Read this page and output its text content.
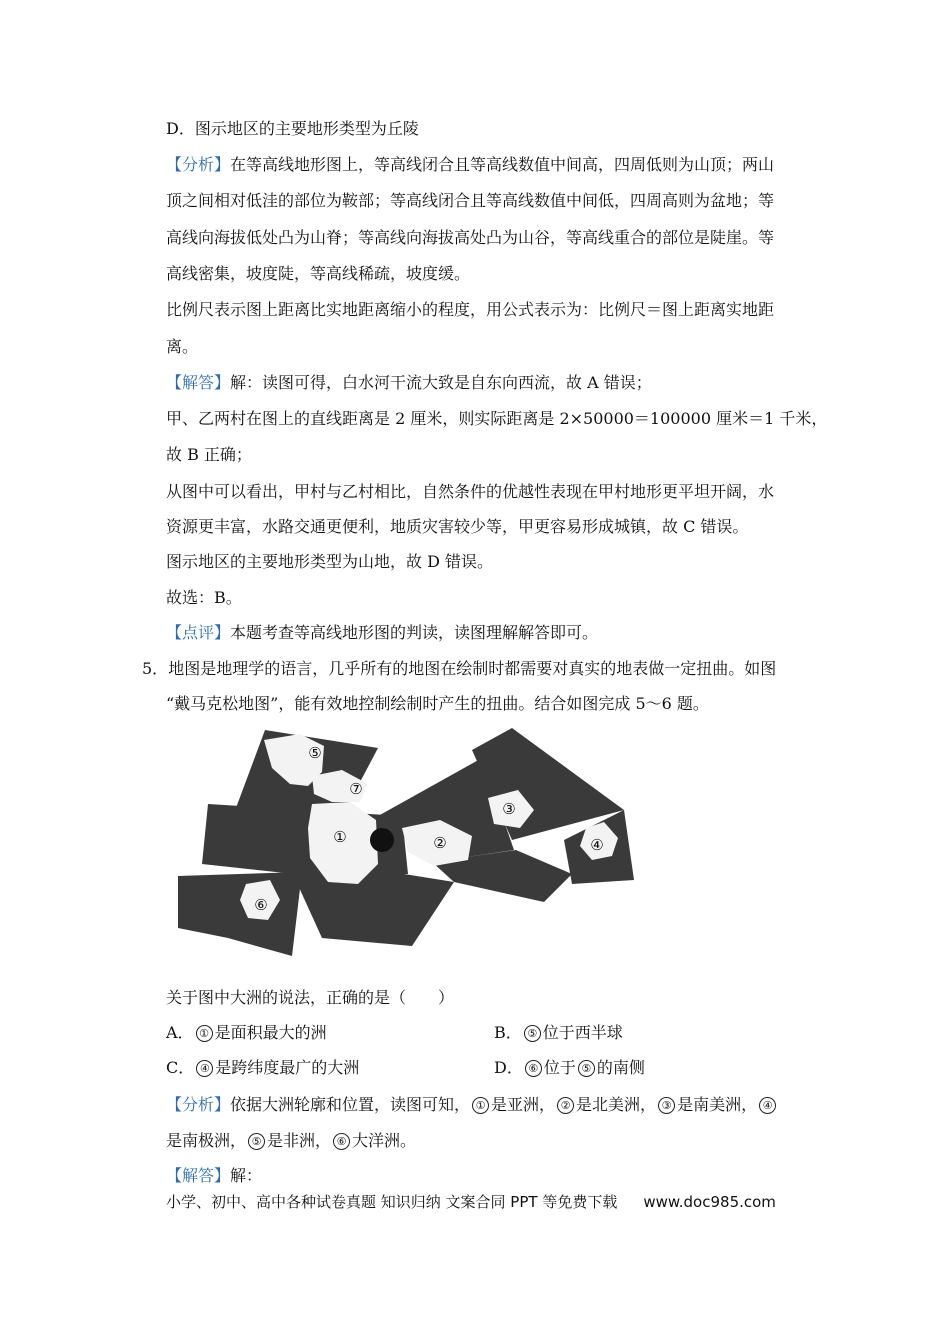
D．图示地区的主要地形类型为丘陵
【分析】在等高线地形图上，等高线闭合且等高线数值中间高，四周低则为山顶；两山
顶之间相对低洼的部位为鞍部；等高线闭合且等高线数值中间低，四周高则为盆地；等
高线向海拔低处凸为山脊；等高线向海拔高处凸为山谷，等高线重合的部位是陡崖。等
高线密集，坡度陡，等高线稀疏，坡度缓。
比例尺表示图上距离比实地距离缩小的程度，用公式表示为：比例尺＝图上距离实地距
离。
【解答】解：读图可得，白水河干流大致是自东向西流，故 A 错误；
甲、乙两村在图上的直线距离是 2 厘米，则实际距离是 2×50000＝100000 厘米＝1 千米，
故 B 正确；
从图中可以看出，甲村与乙村相比，自然条件的优越性表现在甲村地形更平坦开阔，水
资源更丰富，水路交通更便利，地质灾害较少等，甲更容易形成城镇，故 C 错误。
图示地区的主要地形类型为山地，故 D 错误。
故选：B。
【点评】本题考查等高线地形图的判读，读图理解解答即可。
5．地图是地理学的语言，几乎所有的地图在绘制时都需要对真实的地表做一定扭曲。如图
“戴马克松地图”，能有效地控制绘制时产生的扭曲。结合如图完成 5～6 题。
⑤
⑦
①	②
③
④
⑥
关于图中大洲的说法，正确的是（　　）
A． ① 是面积最大的洲	B． ⑤ 位于西半球
C． ④ 是跨纬度最广的大洲	D． ⑥ 位于 ⑤ 的南侧
【分析】依据大洲轮廓和位置，读图可知， ① 是亚洲， ② 是北美洲， ③ 是南美洲， ④
是南极洲， ⑤ 是非洲， ⑥ 大洋洲。
【解答】解：
小学、初中、高中各种试卷真题 知识归纳 文案合同 PPT 等免费下载 www.doc985.com
